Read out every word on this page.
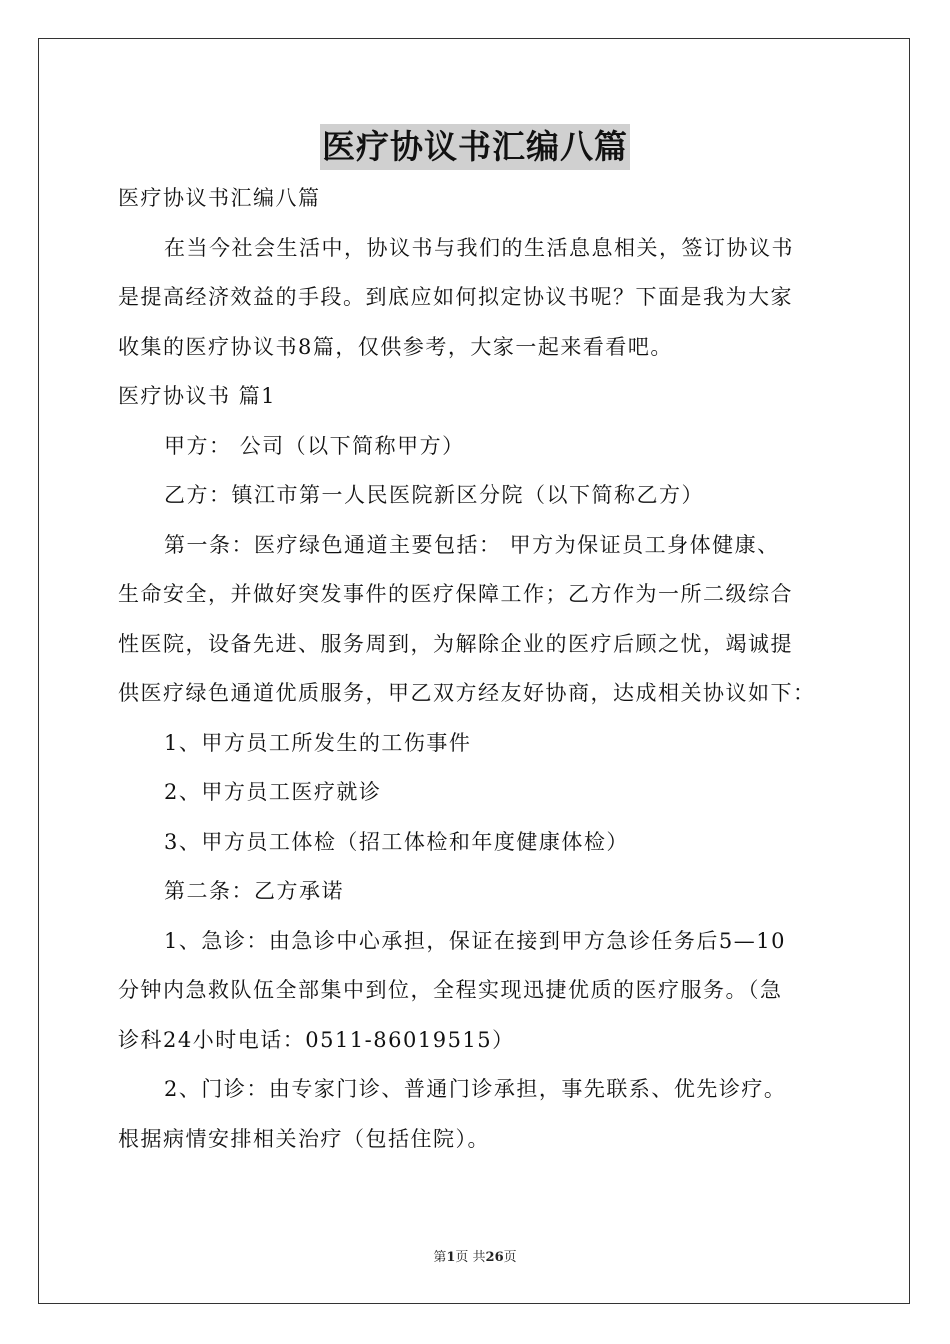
医疗协议书汇编八篇
医疗协议书汇编八篇
在当今社会生活中，协议书与我们的生活息息相关，签订协议书
是提高经济效益的手段。到底应如何拟定协议书呢？下面是我为大家
收集的医疗协议书8篇，仅供参考，大家一起来看看吧。
医疗协议书 篇1
甲方： 公司（以下简称甲方）
乙方：镇江市第一人民医院新区分院（以下简称乙方）
第一条：医疗绿色通道主要包括： 甲方为保证员工身体健康、
生命安全，并做好突发事件的医疗保障工作；乙方作为一所二级综合
性医院，设备先进、服务周到，为解除企业的医疗后顾之忧，竭诚提
供医疗绿色通道优质服务，甲乙双方经友好协商，达成相关协议如下：
1、甲方员工所发生的工伤事件
2、甲方员工医疗就诊
3、甲方员工体检（招工体检和年度健康体检）
第二条：乙方承诺
1、急诊：由急诊中心承担，保证在接到甲方急诊任务后5—10
分钟内急救队伍全部集中到位，全程实现迅捷优质的医疗服务。（急
诊科24小时电话：0511-86019515）
2、门诊：由专家门诊、普通门诊承担，事先联系、优先诊疗。
根据病情安排相关治疗（包括住院）。
第1页 共26页
